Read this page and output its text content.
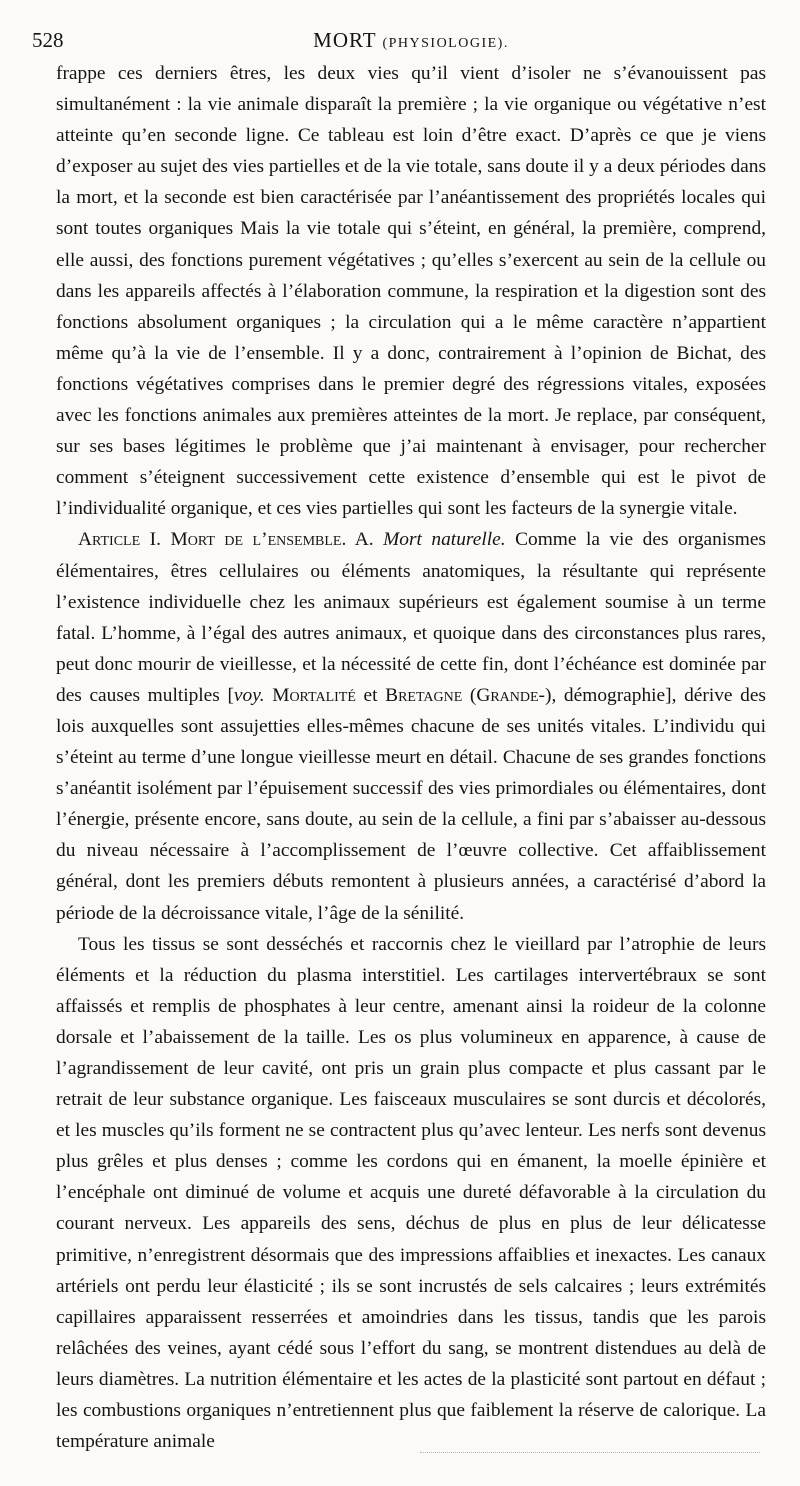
528	MORT (PHYSIOLOGIE).

frappe ces derniers êtres, les deux vies qu’il vient d’isoler ne s’évanouissent pas simultanément : la vie animale disparaît la première ; la vie organique ou végétative n’est atteinte qu’en seconde ligne. Ce tableau est loin d’être exact. D’après ce que je viens d’exposer au sujet des vies partielles et de la vie totale, sans doute il y a deux périodes dans la mort, et la seconde est bien caractérisée par l’anéantissement des propriétés locales qui sont toutes organiques Mais la vie totale qui s’éteint, en général, la première, comprend, elle aussi, des fonctions purement végétatives ; qu’elles s’exercent au sein de la cellule ou dans les appareils affectés à l’élaboration commune, la respiration et la digestion sont des fonctions absolument organiques ; la circulation qui a le même caractère n’appartient même qu’à la vie de l’ensemble. Il y a donc, contrairement à l’opinion de Bichat, des fonctions végétatives comprises dans le premier degré des régressions vitales, exposées avec les fonctions animales aux premières atteintes de la mort. Je replace, par conséquent, sur ses bases légitimes le problème que j’ai maintenant à envisager, pour rechercher comment s’éteignent successivement cette existence d’ensemble qui est le pivot de l’individualité organique, et ces vies partielles qui sont les facteurs de la synergie vitale.

Article I. Mort de l’ensemble. A. Mort naturelle. Comme la vie des organismes élémentaires, êtres cellulaires ou éléments anatomiques, la résultante qui représente l’existence individuelle chez les animaux supérieurs est également soumise à un terme fatal. L’homme, à l’égal des autres animaux, et quoique dans des circonstances plus rares, peut donc mourir de vieillesse, et la nécessité de cette fin, dont l’échéance est dominée par des causes multiples [voy. Mortalité et Bretagne (Grande-), démographie], dérive des lois auxquelles sont assujetties elles-mêmes chacune de ses unités vitales. L’individu qui s’éteint au terme d’une longue vieillesse meurt en détail. Chacune de ses grandes fonctions s’anéantit isolément par l’épuisement successif des vies primordiales ou élémentaires, dont l’énergie, présente encore, sans doute, au sein de la cellule, a fini par s’abaisser au-dessous du niveau nécessaire à l’accomplissement de l’œuvre collective. Cet affaiblissement général, dont les premiers débuts remontent à plusieurs années, a caractérisé d’abord la période de la décroissance vitale, l’âge de la sénilité.

Tous les tissus se sont desséchés et raccornis chez le vieillard par l’atrophie de leurs éléments et la réduction du plasma interstitiel. Les cartilages intervertébraux se sont affaissés et remplis de phosphates à leur centre, amenant ainsi la roideur de la colonne dorsale et l’abaissement de la taille. Les os plus volumineux en apparence, à cause de l’agrandissement de leur cavité, ont pris un grain plus compacte et plus cassant par le retrait de leur substance organique. Les faisceaux musculaires se sont durcis et décolorés, et les muscles qu’ils forment ne se contractent plus qu’avec lenteur. Les nerfs sont devenus plus grêles et plus denses ; comme les cordons qui en émanent, la moelle épinière et l’encéphale ont diminué de volume et acquis une dureté défavorable à la circulation du courant nerveux. Les appareils des sens, déchus de plus en plus de leur délicatesse primitive, n’enregistrent désormais que des impressions affaiblies et inexactes. Les canaux artériels ont perdu leur élasticité ; ils se sont incrustés de sels calcaires ; leurs extrémités capillaires apparaissent resserrées et amoindries dans les tissus, tandis que les parois relâchées des veines, ayant cédé sous l’effort du sang, se montrent distendues au delà de leurs diamètres. La nutrition élémentaire et les actes de la plasticité sont partout en défaut ; les combustions organiques n’entretiennent plus que faiblement la réserve de calorique. La température animale
